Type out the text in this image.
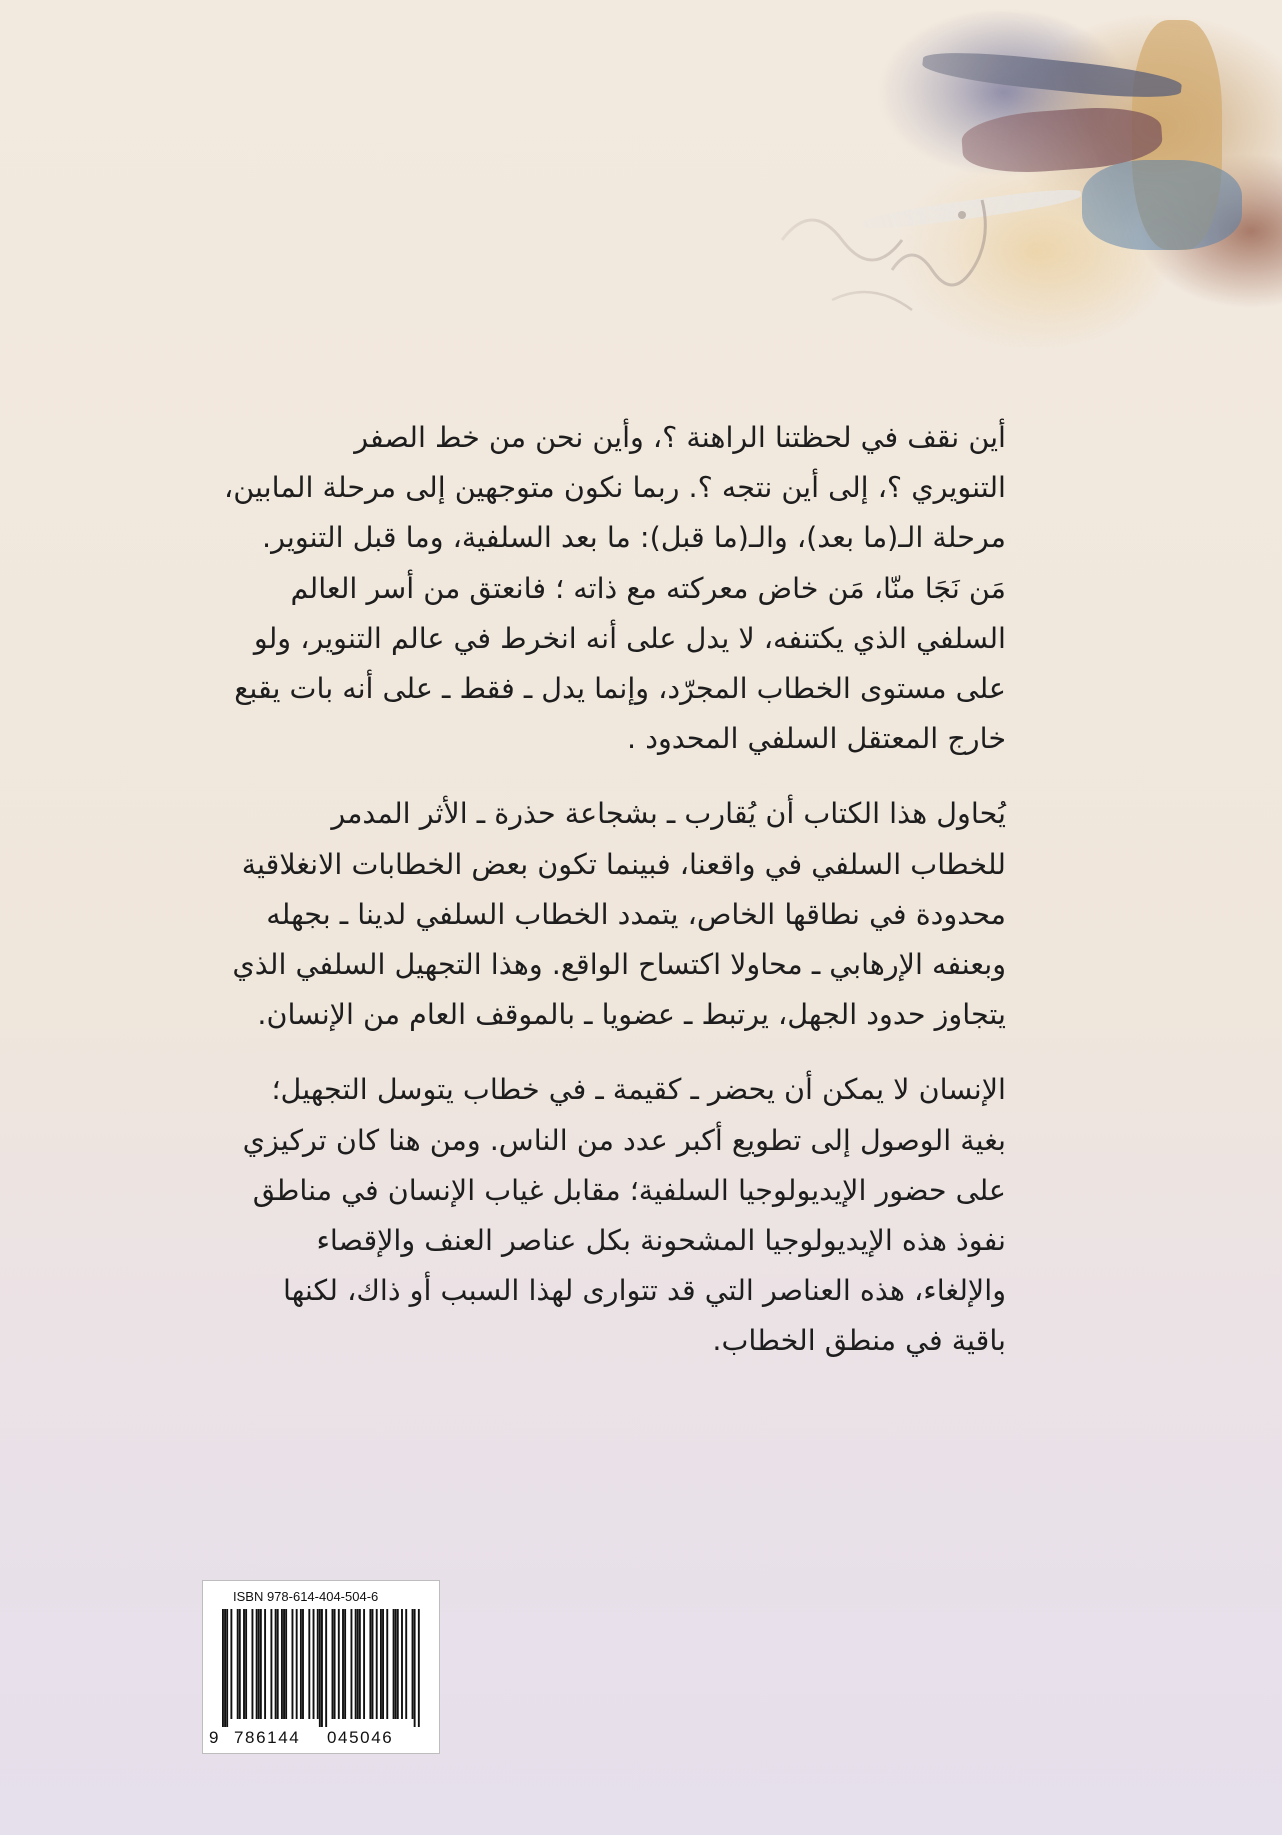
أين نقف في لحظتنا الراهنة ؟، وأين نحن من خط الصفر
التنويري ؟، إلى أين نتجه ؟. ربما نكون متوجهين إلى مرحلة المابين،
مرحلة الـ(ما بعد)، والـ(ما قبل): ما بعد السلفية، وما قبل التنوير.
مَن نَجَا منّا، مَن خاض معركته مع ذاته ؛ فانعتق من أسر العالم
السلفي الذي يكتنفه، لا يدل على أنه انخرط في عالم التنوير، ولو
على مستوى الخطاب المجرّد، وإنما يدل ـ فقط ـ على أنه بات يقبع
خارج المعتقل السلفي المحدود .

يُحاول هذا الكتاب أن يُقارب ـ بشجاعة حذرة ـ الأثر المدمر
للخطاب السلفي في واقعنا، فبينما تكون بعض الخطابات الانغلاقية
محدودة في نطاقها الخاص، يتمدد الخطاب السلفي لدينا ـ بجهله
وبعنفه الإرهابي ـ محاولا اكتساح الواقع. وهذا التجهيل السلفي الذي
يتجاوز حدود الجهل، يرتبط ـ عضويا ـ بالموقف العام من الإنسان.

الإنسان لا يمكن أن يحضر ـ كقيمة ـ في خطاب يتوسل التجهيل؛
بغية الوصول إلى تطويع أكبر عدد من الناس. ومن هنا كان تركيزي
على حضور الإيديولوجيا السلفية؛ مقابل غياب الإنسان في مناطق
نفوذ هذه الإيديولوجيا المشحونة بكل عناصر العنف والإقصاء
والإلغاء، هذه العناصر التي قد تتوارى لهذا السبب أو ذاك، لكنها
باقية في منطق الخطاب.

ISBN 978-614-404-504-6
9 786144 045046
